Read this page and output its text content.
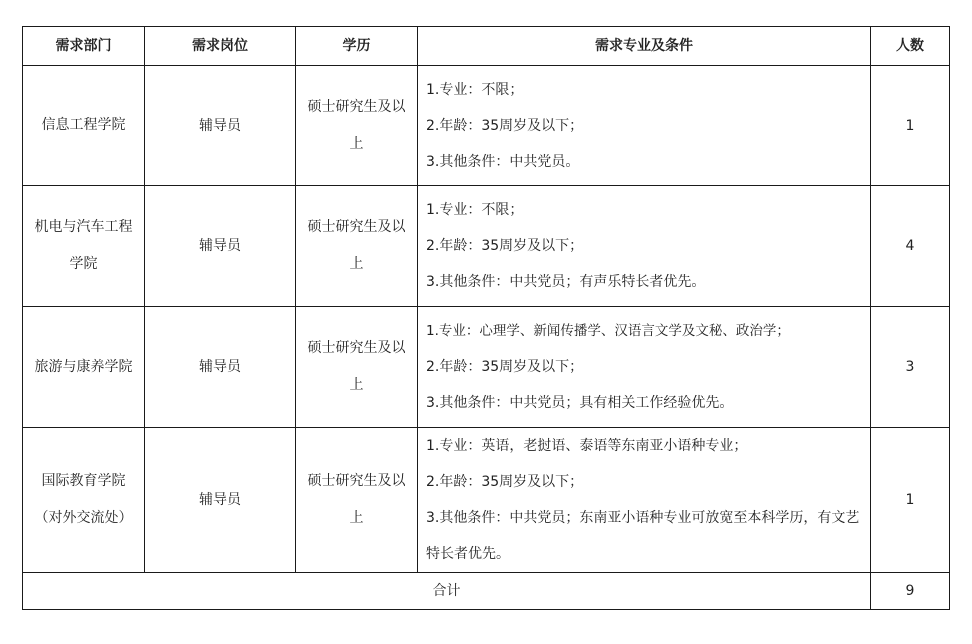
需求部门	需求岗位	学历	需求专业及条件	人数

信息工程学院	辅导员	硕士研究生及以上	1.专业：不限；
2.年龄：35周岁及以下；
3.其他条件：中共党员。	1

机电与汽车工程学院	辅导员	硕士研究生及以上	1.专业：不限；
2.年龄：35周岁及以下；
3.其他条件：中共党员；有声乐特长者优先。	4

旅游与康养学院	辅导员	硕士研究生及以上	1.专业：心理学、新闻传播学、汉语言文学及文秘、政治学；
2.年龄：35周岁及以下；
3.其他条件：中共党员；具有相关工作经验优先。	3

国际教育学院（对外交流处）	辅导员	硕士研究生及以上	1.专业：英语，老挝语、泰语等东南亚小语种专业；
2.年龄：35周岁及以下；
3.其他条件：中共党员；东南亚小语种专业可放宽至本科学历，有文艺特长者优先。	1
合计				9
